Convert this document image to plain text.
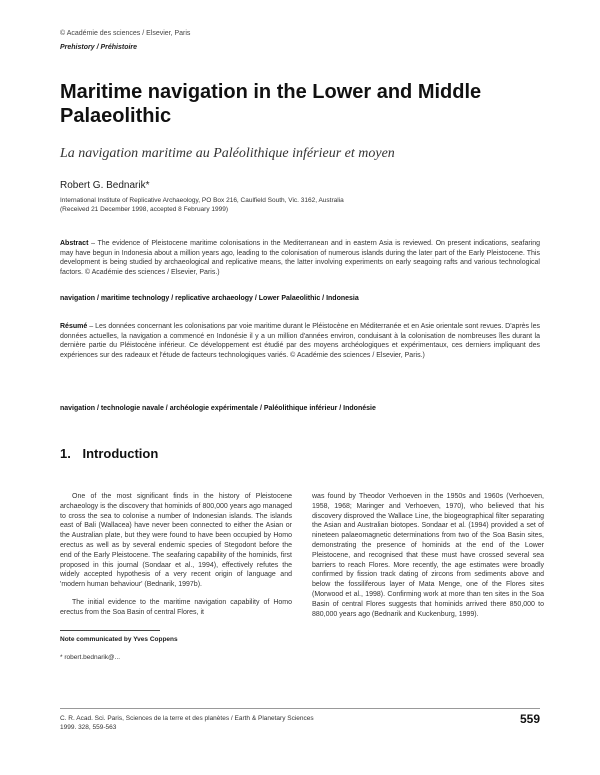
© Académie des sciences / Elsevier, Paris
Prehistory / Préhistoire
Maritime navigation in the Lower and Middle Palaeolithic
La navigation maritime au Paléolithique inférieur et moyen
Robert G. Bednarik*
International Institute of Replicative Archaeology, PO Box 216, Caulfield South, Vic. 3162, Australia
(Received 21 December 1998, accepted 8 February 1999)
Abstract – The evidence of Pleistocene maritime colonisations in the Mediterranean and in eastern Asia is reviewed. On present indications, seafaring may have begun in Indonesia about a million years ago, leading to the colonisation of numerous islands during the later part of the Early Pleistocene. This development is being studied by archaeological and replicative means, the latter involving experiments on early seagoing rafts and various technological factors. © Académie des sciences / Elsevier, Paris.)
navigation / maritime technology / replicative archaeology / Lower Palaeolithic / Indonesia
Résumé – Les données concernant les colonisations par voie maritime durant le Pléistocène en Méditerranée et en Asie orientale sont revues. D'après les données actuelles, la navigation a commencé en Indonésie il y a un million d'années environ, conduisant à la colonisation de nombreuses îles durant la dernière partie du Pléistocène inférieur. Ce développement est étudié par des moyens archéologiques et expérimentaux, ces derniers impliquant des expériences sur des radeaux et l'étude de facteurs technologiques variés. © Académie des sciences / Elsevier, Paris.)
navigation / technologie navale / archéologie expérimentale / Paléolithique inférieur / Indonésie
1. Introduction

One of the most significant finds in the history of Pleistocene archaeology is the discovery that hominids of 800,000 years ago managed to cross the sea to colonise a number of Indonesian islands. The islands east of Bali (Wallacea) have never been connected to either the Asian or the Australian plate, but they were found to have been occupied by Homo erectus as well as by several endemic species of Stegodont before the end of the Early Pleistocene. The seafaring capability of the hominids, first proposed in this journal (Sondaar et al., 1994), effectively refutes the widely accepted hypothesis of a very recent origin of language and 'modern human behaviour' (Bednarik, 1997b).

The initial evidence to the maritime navigation capability of Homo erectus from the Soa Basin of central Flores, it

was found by Theodor Verhoeven in the 1950s and 1960s (Verhoeven, 1958, 1968; Maringer and Verhoeven, 1970), who believed that his discovery disproved the Wallace Line, the biogeographical filter separating the Asian and Australian biotopes. Sondaar et al. (1994) provided a set of nineteen palaeomagnetic determinations from two of the Soa Basin sites, demonstrating the presence of hominids at the end of the Lower Pleistocene, and recognised that these must have crossed several sea barriers to reach Flores. More recently, the age estimates were broadly confirmed by fission track dating of zircons from sediments above and below the fossiliferous layer of Mata Menge, one of the Flores sites (Morwood et al., 1998). Confirming work at more than ten sites in the Soa Basin of central Flores suggests that hominids arrived there 850,000 to 880,000 years ago (Bednarik and Kuckenburg, 1999).

Note communicated by Yves Coppens
* robert.bednarik@...
C. R. Acad. Sci. Paris, Sciences de la terre et des planètes / Earth & Planetary Sciences
1999. 328, 559-563
559
